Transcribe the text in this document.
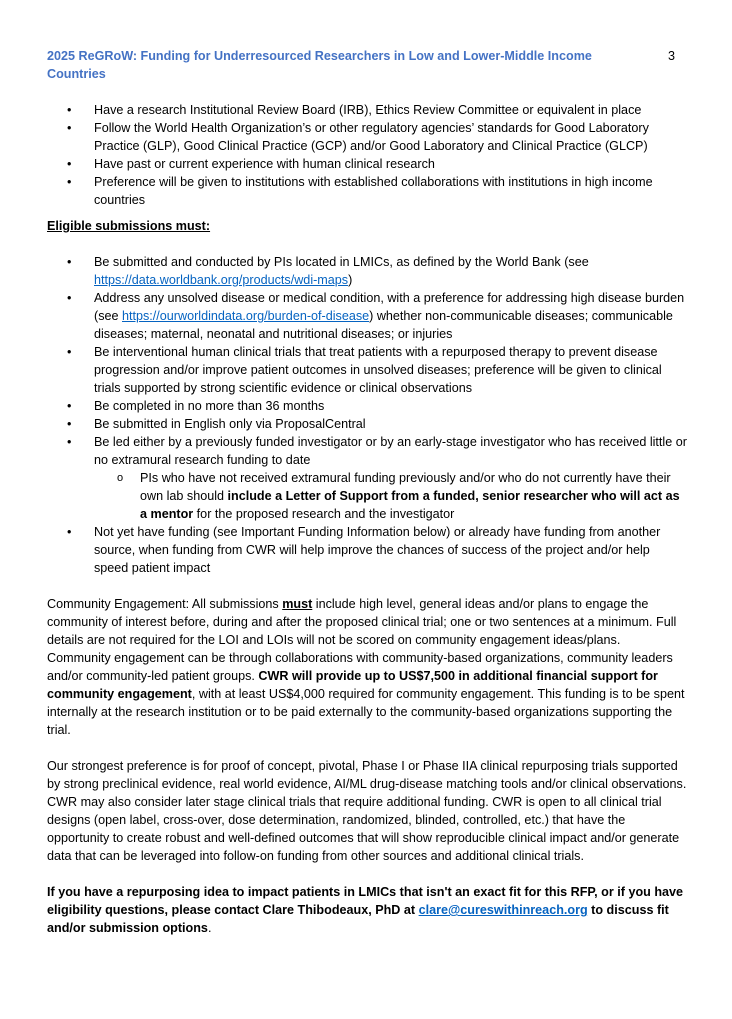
2025 ReGRoW: Funding for Underresourced Researchers in Low and Lower-Middle Income Countries
3
• Have a research Institutional Review Board (IRB), Ethics Review Committee or equivalent in place
• Follow the World Health Organization’s or other regulatory agencies’ standards for Good Laboratory Practice (GLP), Good Clinical Practice (GCP) and/or Good Laboratory and Clinical Practice (GLCP)
• Have past or current experience with human clinical research
• Preference will be given to institutions with established collaborations with institutions in high income countries
Eligible submissions must:
• Be submitted and conducted by PIs located in LMICs, as defined by the World Bank (see https://data.worldbank.org/products/wdi-maps)
• Address any unsolved disease or medical condition, with a preference for addressing high disease burden (see https://ourworldindata.org/burden-of-disease) whether non-communicable diseases; communicable diseases; maternal, neonatal and nutritional diseases; or injuries
• Be interventional human clinical trials that treat patients with a repurposed therapy to prevent disease progression and/or improve patient outcomes in unsolved diseases; preference will be given to clinical trials supported by strong scientific evidence or clinical observations
• Be completed in no more than 36 months
• Be submitted in English only via ProposalCentral
• Be led either by a previously funded investigator or by an early-stage investigator who has received little or no extramural research funding to date
o PIs who have not received extramural funding previously and/or who do not currently have their own lab should include a Letter of Support from a funded, senior researcher who will act as a mentor for the proposed research and the investigator
• Not yet have funding (see Important Funding Information below) or already have funding from another source, when funding from CWR will help improve the chances of success of the project and/or help speed patient impact

Community Engagement: All submissions must include high level, general ideas and/or plans to engage the community of interest before, during and after the proposed clinical trial; one or two sentences at a minimum. Full details are not required for the LOI and LOIs will not be scored on community engagement ideas/plans. Community engagement can be through collaborations with community-based organizations, community leaders and/or community-led patient groups. CWR will provide up to US$7,500 in additional financial support for community engagement, with at least US$4,000 required for community engagement. This funding is to be spent internally at the research institution or to be paid externally to the community-based organizations supporting the trial.

Our strongest preference is for proof of concept, pivotal, Phase I or Phase IIA clinical repurposing trials supported by strong preclinical evidence, real world evidence, AI/ML drug-disease matching tools and/or clinical observations. CWR may also consider later stage clinical trials that require additional funding. CWR is open to all clinical trial designs (open label, cross-over, dose determination, randomized, blinded, controlled, etc.) that have the opportunity to create robust and well-defined outcomes that will show reproducible clinical impact and/or generate data that can be leveraged into follow-on funding from other sources and additional clinical trials.

If you have a repurposing idea to impact patients in LMICs that isn't an exact fit for this RFP, or if you have eligibility questions, please contact Clare Thibodeaux, PhD at clare@cureswithinreach.org to discuss fit and/or submission options.
